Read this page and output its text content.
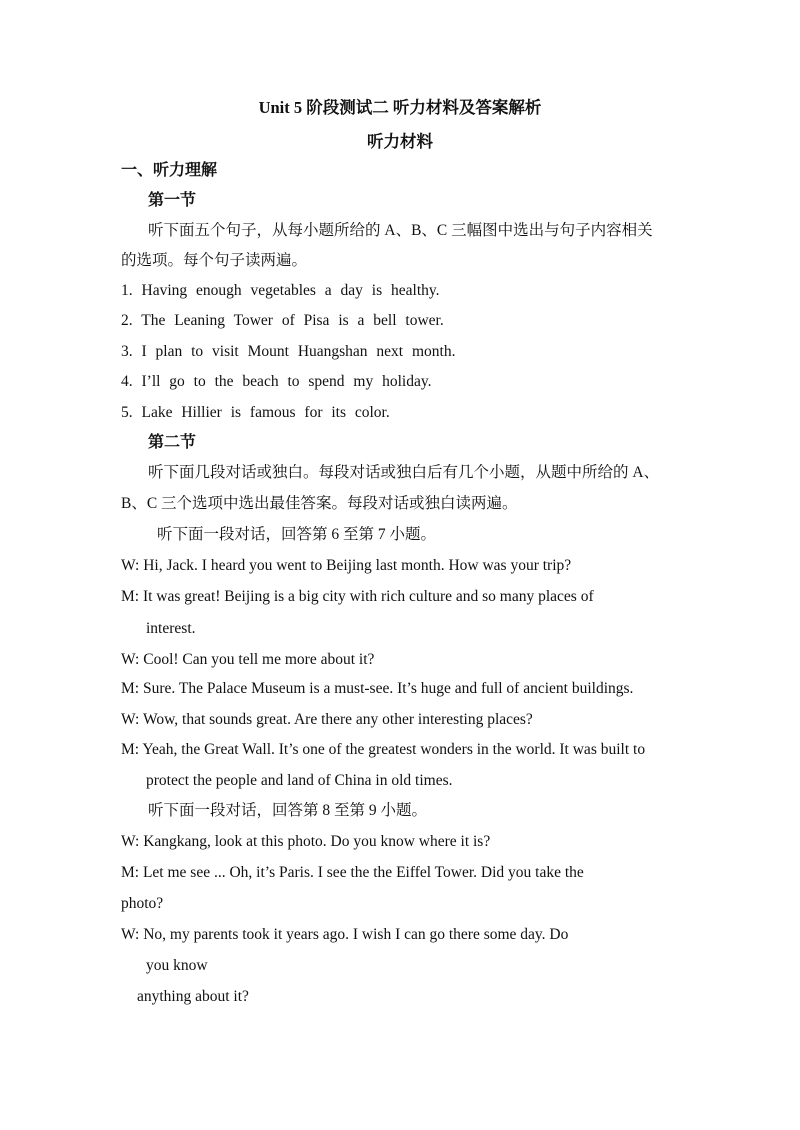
Unit 5 阶段测试二 听力材料及答案解析
听力材料
一、听力理解
第一节
听下面五个句子，从每小题所给的 A、B、C 三幅图中选出与句子内容相关
的选项。每个句子读两遍。
1. Having enough vegetables a day is healthy.
2. The Leaning Tower of Pisa is a bell tower.
3. I plan to visit Mount Huangshan next month.
4. I’ll go to the beach to spend my holiday.
5. Lake Hillier is famous for its color.
第二节
听下面几段对话或独白。每段对话或独白后有几个小题，从题中所给的 A、
B、C 三个选项中选出最佳答案。每段对话或独白读两遍。
听下面一段对话，回答第 6 至第 7 小题。
W: Hi, Jack. I heard you went to Beijing last month. How was your trip?
M: It was great! Beijing is a big city with rich culture and so many places of
interest.
W: Cool! Can you tell me more about it?
M: Sure. The Palace Museum is a must-see. It’s huge and full of ancient buildings.
W: Wow, that sounds great. Are there any other interesting places?
M: Yeah, the Great Wall. It’s one of the greatest wonders in the world. It was built to
protect the people and land of China in old times.
听下面一段对话，回答第 8 至第 9 小题。
W: Kangkang, look at this photo. Do you know where it is?
M: Let me see ... Oh, it’s Paris. I see the the Eiffel Tower. Did you take the
photo?
W: No, my parents took it years ago. I wish I can go there some day. Do
you know
anything about it?
